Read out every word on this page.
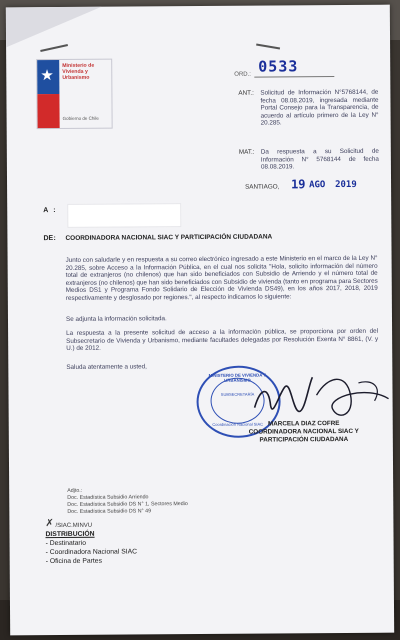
★
Ministerio de
Vivienda y
Urbanismo
Gobierno de Chile
ORD.: 0533
ANT.: Solicitud de Información N°5768144, de fecha 08.08.2019, ingresada mediante Portal Consejo para la Transparencia, de acuerdo al artículo primero de la Ley N° 20.285.
MAT.: Da respuesta a su Solicitud de Información N° 5768144 de fecha 08.08.2019.
SANTIAGO, 19 AGO 2019
A :
DE : COORDINADORA NACIONAL SIAC Y PARTICIPACIÓN CIUDADANA
Junto con saludarle y en respuesta a su correo electrónico ingresado a este Ministerio en el marco de la Ley N° 20.285, sobre Acceso a la Información Pública, en el cual nos solicita "Hola, solicito información del número total de extranjeros (no chilenos) que han sido beneficiados con Subsidio de Arriendo y el número total de extranjeros (no chilenos) que han sido beneficiados con Subsidio de vivienda (tanto en programa para Sectores Medios DS1 y Programa Fondo Solidario de Elección de Vivienda DS49), en los años 2017, 2018, 2019 respectivamente y desglosado por regiones.", al respecto indicamos lo siguiente:
Se adjunta la información solicitada.
La respuesta a la presente solicitud de acceso a la información pública, se proporciona por orden del Subsecretario de Vivienda y Urbanismo, mediante facultades delegadas por Resolución Exenta N° 8861, (V. y U.) de 2012.
Saluda atentamente a usted,
MINISTERIO DE VIVIENDA Y URBANISMO
SUBSECRETARÍA
Coordinación Nacional SIAC MARCELA DIAZ COFRE
COORDINADORA NACIONAL SIAC Y
PARTICIPACIÓN CIUDADANA
Adjto.:
Doc. Estadística Subsidio Arriendo
Doc. Estadística Subsidio DS N° 1, Sectores Medio
Doc. Estadística Subsidio DS N° 49
✗ /SIAC.MINVU
DISTRIBUCIÓN
- Destinatario
- Coordinadora Nacional SIAC
- Oficina de Partes
